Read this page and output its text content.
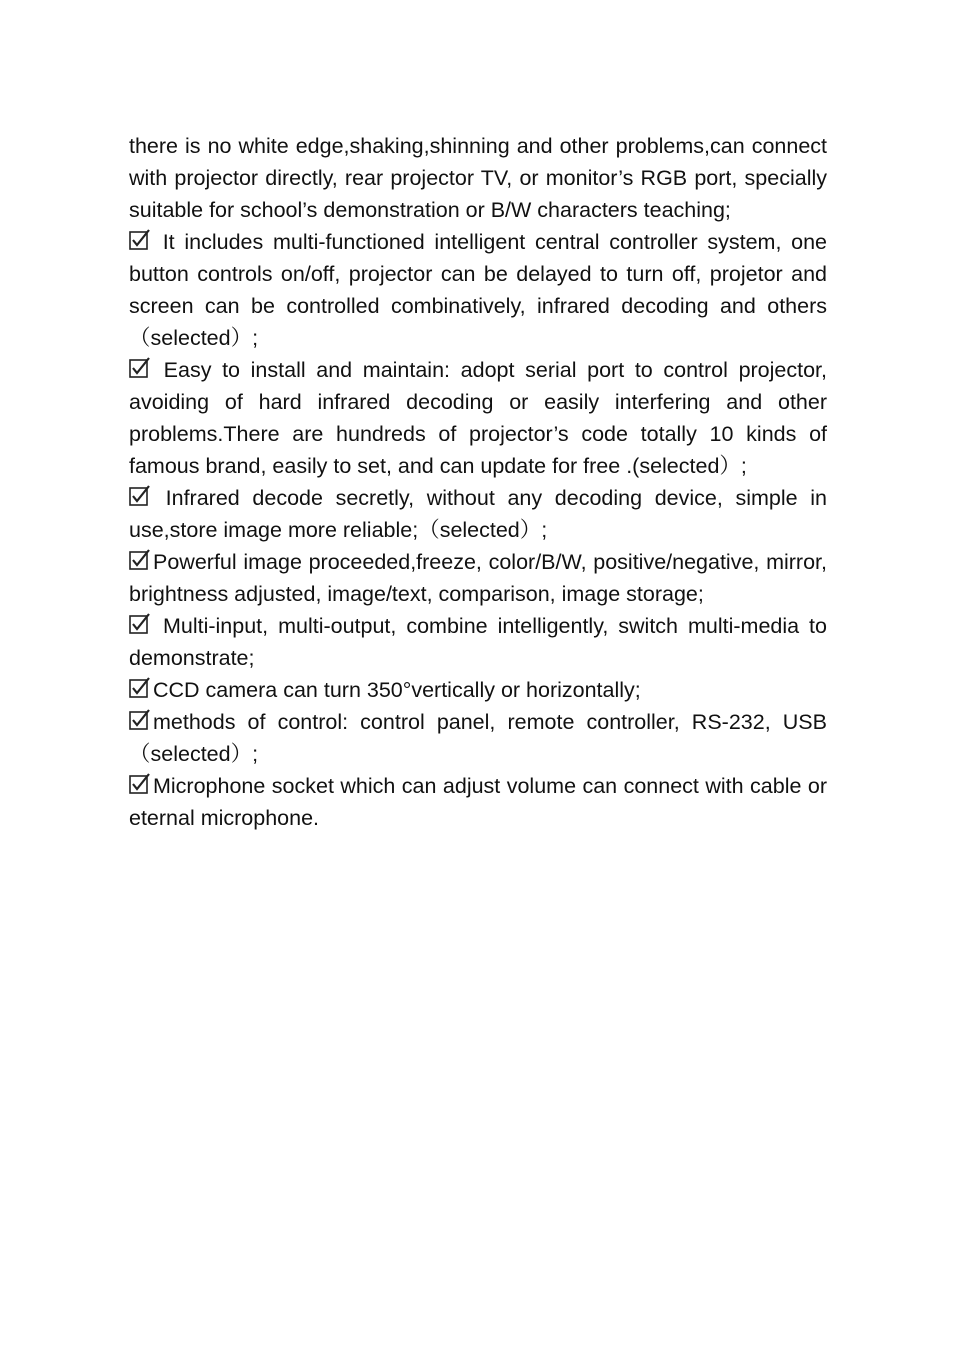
there is no white edge,shaking,shinning and other problems,can connect with projector directly, rear projector TV, or monitor’s RGB port, specially suitable for school’s demonstration or B/W characters teaching;

It includes multi-functioned intelligent central controller system, one button controls on/off, projector can be delayed to turn off, projetor and screen can be controlled combinatively, infrared decoding and others（selected）;

Easy to install and maintain: adopt serial port to control projector, avoiding of hard infrared decoding or easily interfering and other problems.There are hundreds of projector’s code totally 10 kinds of famous brand, easily to set, and can update for free .(selected）;

Infrared decode secretly, without any decoding device, simple in use,store image more reliable;（selected）;

Powerful image proceeded,freeze, color/B/W, positive/negative, mirror, brightness adjusted, image/text, comparison, image storage;

Multi-input, multi-output, combine intelligently, switch multi-media to demonstrate;

CCD camera can turn 350°vertically or horizontally;

methods of control: control panel, remote controller, RS-232, USB（selected）;

Microphone socket which can adjust volume can connect with cable or eternal microphone.
